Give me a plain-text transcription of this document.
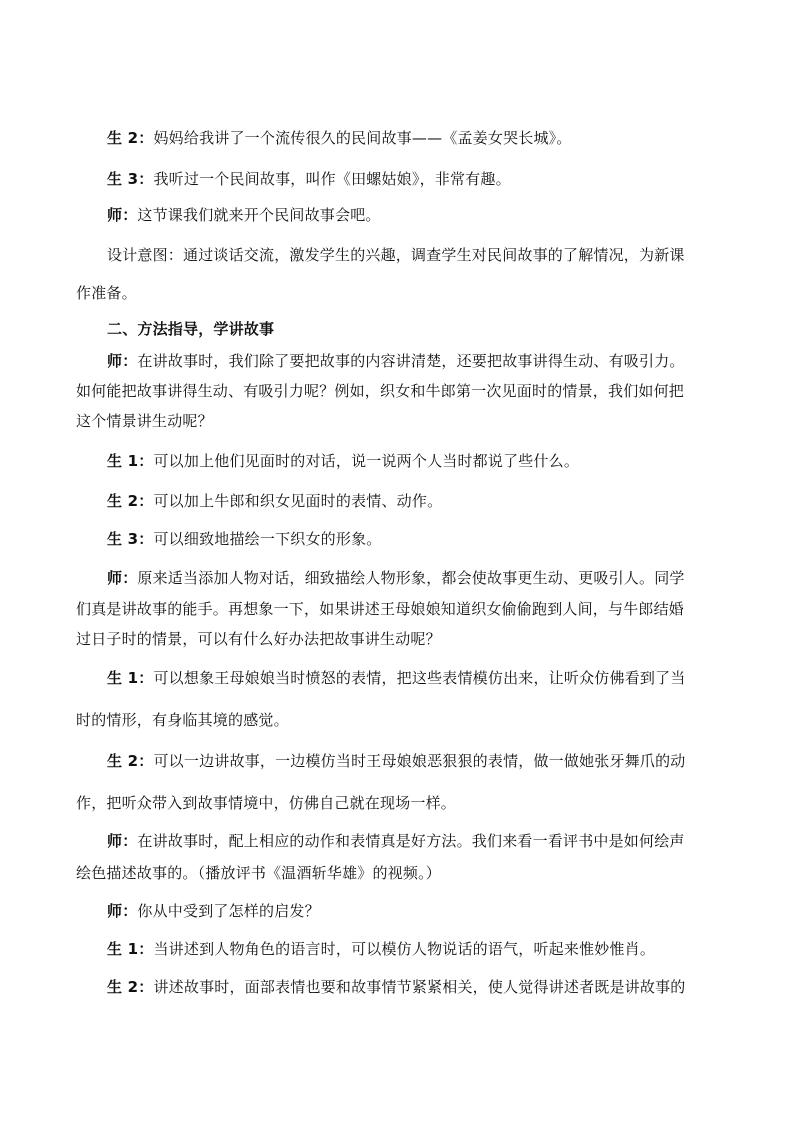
生 2：妈妈给我讲了一个流传很久的民间故事——《孟姜女哭长城》。
生 3：我听过一个民间故事，叫作《田螺姑娘》，非常有趣。
师：这节课我们就来开个民间故事会吧。
设计意图：通过谈话交流，激发学生的兴趣，调查学生对民间故事的了解情况，为新课
作准备。
二、方法指导，学讲故事
师：在讲故事时，我们除了要把故事的内容讲清楚，还要把故事讲得生动、有吸引力。
如何能把故事讲得生动、有吸引力呢？例如，织女和牛郎第一次见面时的情景，我们如何把
这个情景讲生动呢？
生 1：可以加上他们见面时的对话，说一说两个人当时都说了些什么。
生 2：可以加上牛郎和织女见面时的表情、动作。
生 3：可以细致地描绘一下织女的形象。
师：原来适当添加人物对话，细致描绘人物形象，都会使故事更生动、更吸引人。同学
们真是讲故事的能手。再想象一下，如果讲述王母娘娘知道织女偷偷跑到人间，与牛郎结婚
过日子时的情景，可以有什么好办法把故事讲生动呢？
生 1：可以想象王母娘娘当时愤怒的表情，把这些表情模仿出来，让听众仿佛看到了当
时的情形，有身临其境的感觉。
生 2：可以一边讲故事，一边模仿当时王母娘娘恶狠狠的表情，做一做她张牙舞爪的动
作，把听众带入到故事情境中，仿佛自己就在现场一样。
师：在讲故事时，配上相应的动作和表情真是好方法。我们来看一看评书中是如何绘声
绘色描述故事的。（播放评书《温酒斩华雄》的视频。）
师：你从中受到了怎样的启发？
生 1：当讲述到人物角色的语言时，可以模仿人物说话的语气，听起来惟妙惟肖。
生 2：讲述故事时，面部表情也要和故事情节紧紧相关，使人觉得讲述者既是讲故事的
